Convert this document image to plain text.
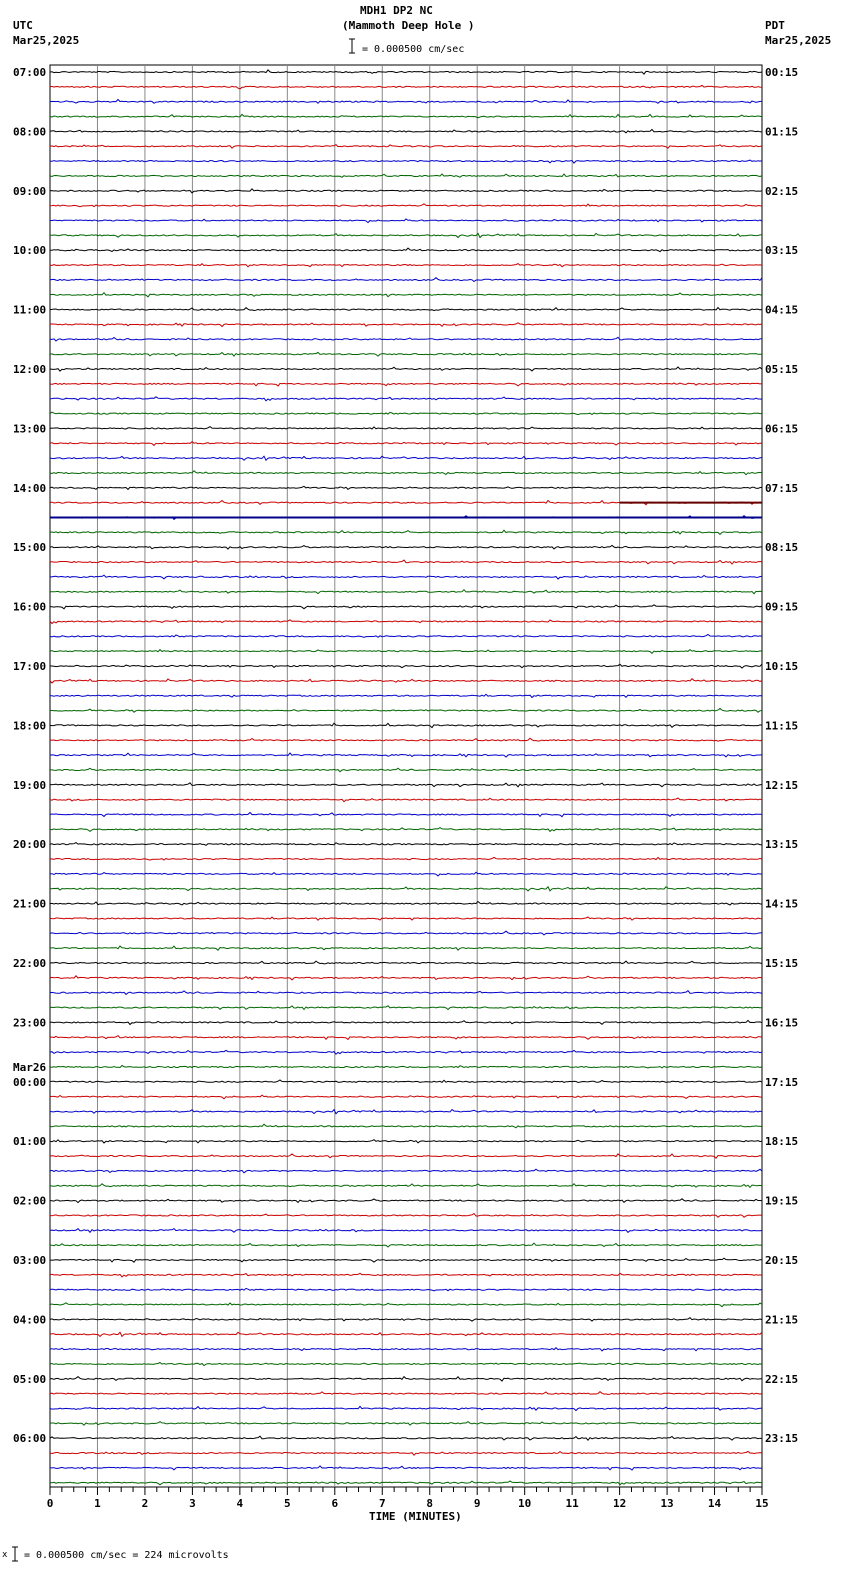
MDH1 DP2 NC
(Mammoth Deep Hole )
= 0.000500 cm/sec
UTC
Mar25,2025
PDT
Mar25,2025
0	1	2	3	4	5	6	7	8	9	10	11	12	13	14	15
07:00	00:15
08:00	01:15
09:00	02:15
10:00	03:15
11:00	04:15
12:00	05:15
13:00	06:15
14:00	07:15
15:00	08:15
16:00	09:15
17:00	10:15
18:00	11:15
19:00	12:15
20:00	13:15
21:00	14:15
22:00	15:15
23:00	16:15
00:00	17:15
Mar26
01:00	18:15
02:00	19:15
03:00	20:15
04:00	21:15
05:00	22:15
06:00	23:15
TIME (MINUTES)
x = 0.000500 cm/sec = 224 microvolts
